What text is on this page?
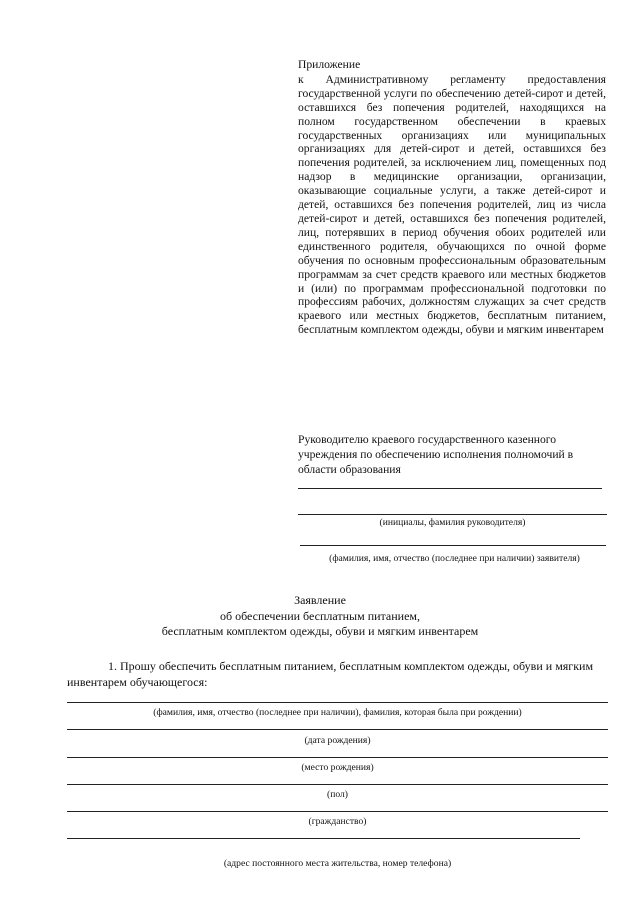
Приложение
к Административному регламенту предоставления государственной услуги по обеспечению детей-сирот и детей, оставшихся без попечения родителей, находящихся на полном государственном обеспечении в краевых государственных организациях или муниципальных организациях для детей-сирот и детей, оставшихся без попечения родителей, за исключением лиц, помещенных под надзор в медицинские организации, организации, оказывающие социальные услуги, а также детей-сирот и детей, оставшихся без попечения родителей, лиц из числа детей-сирот и детей, оставшихся без попечения родителей, лиц, потерявших в период обучения обоих родителей или единственного родителя, обучающихся по очной форме обучения по основным профессиональным образовательным программам за счет средств краевого или местных бюджетов и (или) по программам профессиональной подготовки по профессиям рабочих, должностям служащих за счет средств краевого или местных бюджетов, бесплатным питанием, бесплатным комплектом одежды, обуви и мягким инвентарем
Руководителю краевого государственного казенного учреждения по обеспечению исполнения полномочий в области образования
(инициалы, фамилия руководителя)
(фамилия, имя, отчество (последнее при наличии) заявителя)
Заявление
об обеспечении бесплатным питанием,
бесплатным комплектом одежды, обуви и мягким инвентарем
1. Прошу обеспечить бесплатным питанием, бесплатным комплектом одежды, обуви и мягким инвентарем обучающегося:
(фамилия, имя, отчество (последнее при наличии), фамилия, которая была при рождении)
(дата рождения)
(место рождения)
(пол)
(гражданство)
(адрес постоянного места жительства, номер телефона)
